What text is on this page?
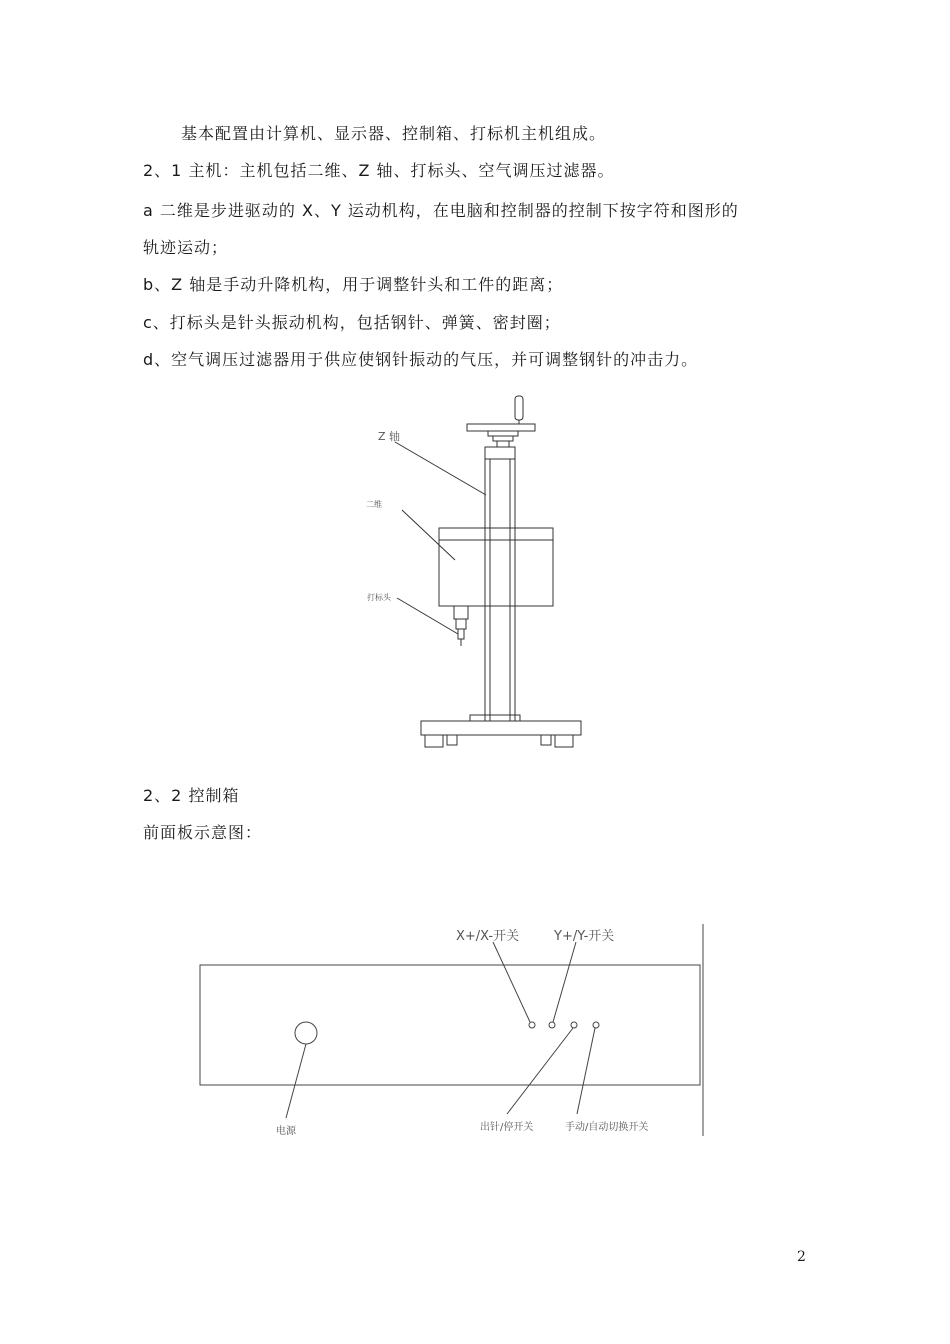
基本配置由计算机、显示器、控制箱、打标机主机组成。
2、1 主机：主机包括二维、Z 轴、打标头、空气调压过滤器。
a 二维是步进驱动的 X、Y 运动机构，在电脑和控制器的控制下按字符和图形的
轨迹运动；
b、Z 轴是手动升降机构，用于调整针头和工件的距离；
c、打标头是针头振动机构，包括钢针、弹簧、密封圈；
d、空气调压过滤器用于供应使钢针振动的气压，并可调整钢针的冲击力。
Z 轴
二维
打标头
2、2 控制箱
前面板示意图：
X+/X-开关	Y+/Y-开关
电源	出针/停开关	手动/自动切换开关
2
